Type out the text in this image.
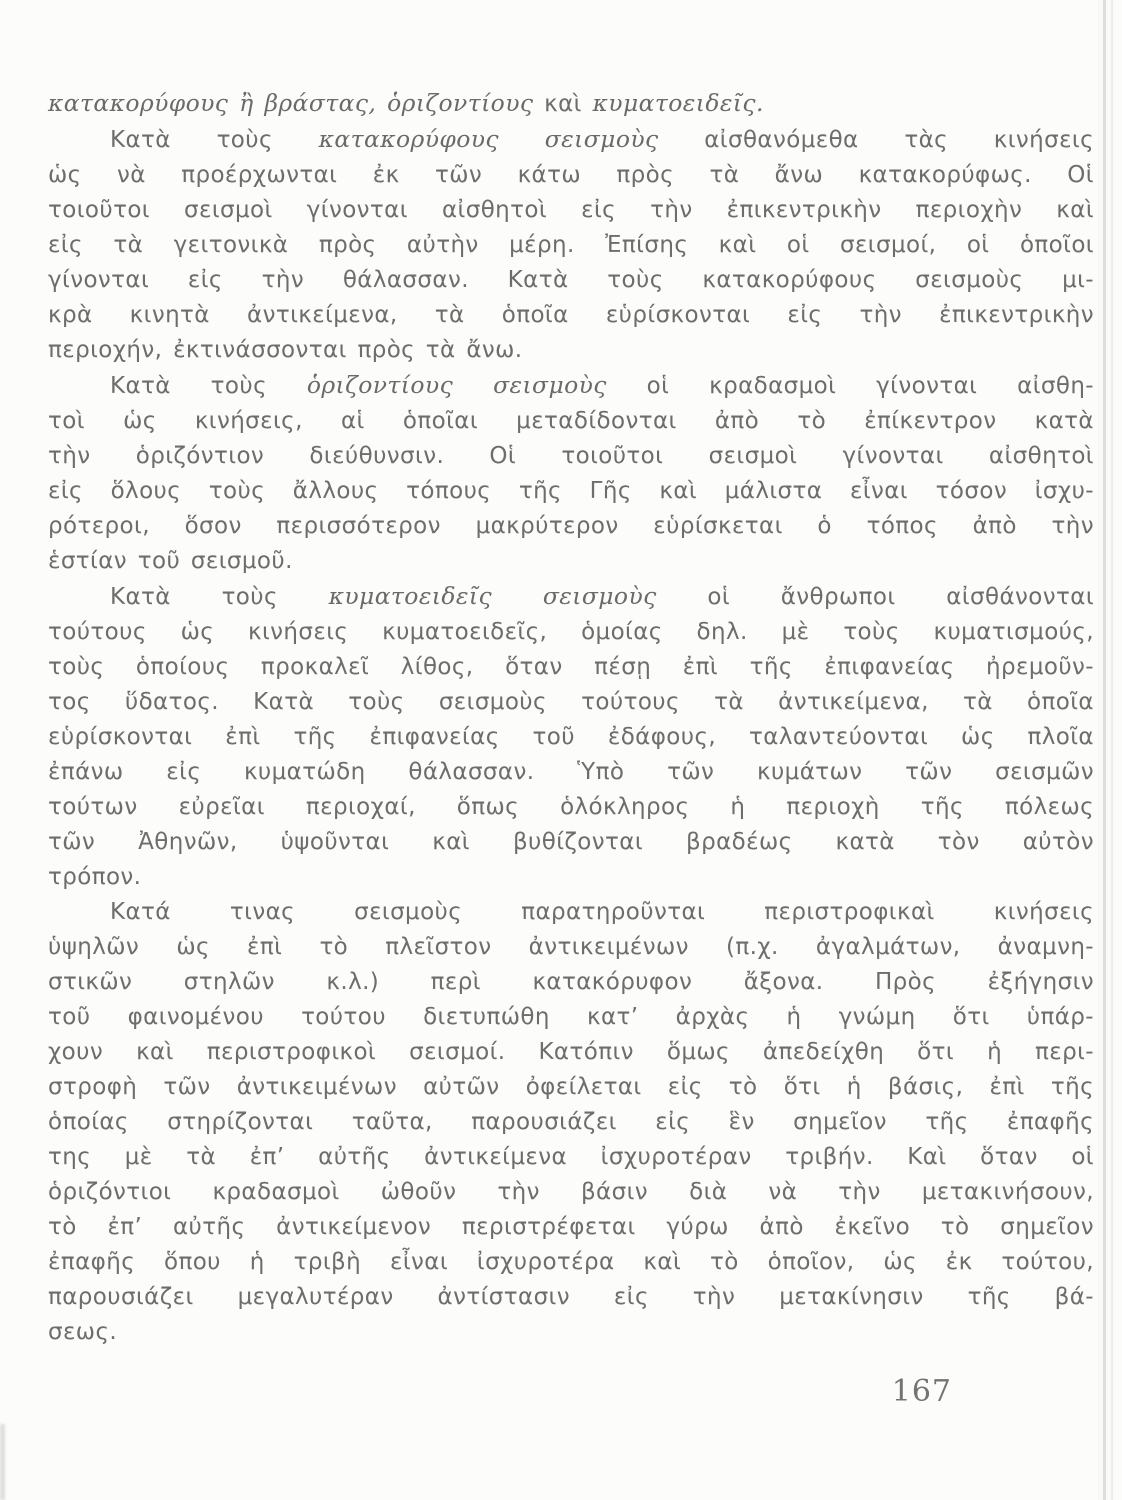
κατακορύφους ἢ βράστας, ὁριζοντίους καὶ κυματοειδεῖς.
Κατὰ τοὺς κατακορύφους σεισμοὺς αἰσθανόμεθα τὰς κινήσεις
ὡς νὰ προέρχωνται ἐκ τῶν κάτω πρὸς τὰ ἄνω κατακορύφως. Οἱ
τοιοῦτοι σεισμοὶ γίνονται αἰσθητοὶ εἰς τὴν ἐπικεντρικὴν περιοχὴν καὶ
εἰς τὰ γειτονικὰ πρὸς αὐτὴν μέρη. Ἐπίσης καὶ οἱ σεισμοί, οἱ ὁποῖοι
γίνονται εἰς τὴν θάλασσαν. Κατὰ τοὺς κατακορύφους σεισμοὺς μι-
κρὰ κινητὰ ἀντικείμενα, τὰ ὁποῖα εὑρίσκονται εἰς τὴν ἐπικεντρικὴν
περιοχήν, ἐκτινάσσονται πρὸς τὰ ἄνω.
Κατὰ τοὺς ὁριζοντίους σεισμοὺς οἱ κραδασμοὶ γίνονται αἰσθη-
τοὶ ὡς κινήσεις, αἱ ὁποῖαι μεταδίδονται ἀπὸ τὸ ἐπίκεντρον κατὰ
τὴν ὁριζόντιον διεύθυνσιν. Οἱ τοιοῦτοι σεισμοὶ γίνονται αἰσθητοὶ
εἰς ὅλους τοὺς ἄλλους τόπους τῆς Γῆς καὶ μάλιστα εἶναι τόσον ἰσχυ-
ρότεροι, ὅσον περισσότερον μακρύτερον εὑρίσκεται ὁ τόπος ἀπὸ τὴν
ἑστίαν τοῦ σεισμοῦ.
Κατὰ τοὺς κυματοειδεῖς σεισμοὺς οἱ ἄνθρωποι αἰσθάνονται
τούτους ὡς κινήσεις κυματοειδεῖς, ὁμοίας δηλ. μὲ τοὺς κυματισμούς,
τοὺς ὁποίους προκαλεῖ λίθος, ὅταν πέσῃ ἐπὶ τῆς ἐπιφανείας ἠρεμοῦν-
τος ὕδατος. Κατὰ τοὺς σεισμοὺς τούτους τὰ ἀντικείμενα, τὰ ὁποῖα
εὑρίσκονται ἐπὶ τῆς ἐπιφανείας τοῦ ἐδάφους, ταλαντεύονται ὡς πλοῖα
ἐπάνω εἰς κυματώδη θάλασσαν. Ὑπὸ τῶν κυμάτων τῶν σεισμῶν
τούτων εὐρεῖαι περιοχαί, ὅπως ὁλόκληρος ἡ περιοχὴ τῆς πόλεως
τῶν Ἀθηνῶν, ὑψοῦνται καὶ βυθίζονται βραδέως κατὰ τὸν αὐτὸν
τρόπον.
Κατά τινας σεισμοὺς παρατηροῦνται περιστροφικαὶ κινήσεις
ὑψηλῶν ὡς ἐπὶ τὸ πλεῖστον ἀντικειμένων (π.χ. ἀγαλμάτων, ἀναμνη-
στικῶν στηλῶν κ.λ.) περὶ κατακόρυφον ἄξονα. Πρὸς ἐξήγησιν
τοῦ φαινομένου τούτου διετυπώθη κατ’ ἀρχὰς ἡ γνώμη ὅτι ὑπάρ-
χουν καὶ περιστροφικοὶ σεισμοί. Κατόπιν ὅμως ἀπεδείχθη ὅτι ἡ περι-
στροφὴ τῶν ἀντικειμένων αὐτῶν ὀφείλεται εἰς τὸ ὅτι ἡ βάσις, ἐπὶ τῆς
ὁποίας στηρίζονται ταῦτα, παρουσιάζει εἰς ἓν σημεῖον τῆς ἐπαφῆς
της μὲ τὰ ἐπ’ αὐτῆς ἀντικείμενα ἰσχυροτέραν τριβήν. Καὶ ὅταν οἱ
ὁριζόντιοι κραδασμοὶ ὠθοῦν τὴν βάσιν διὰ νὰ τὴν μετακινήσουν,
τὸ ἐπ’ αὐτῆς ἀντικείμενον περιστρέφεται γύρω ἀπὸ ἐκεῖνο τὸ σημεῖον
ἐπαφῆς ὅπου ἡ τριβὴ εἶναι ἰσχυροτέρα καὶ τὸ ὁποῖον, ὡς ἐκ τούτου,
παρουσιάζει μεγαλυτέραν ἀντίστασιν εἰς τὴν μετακίνησιν τῆς βά-
σεως.
167
